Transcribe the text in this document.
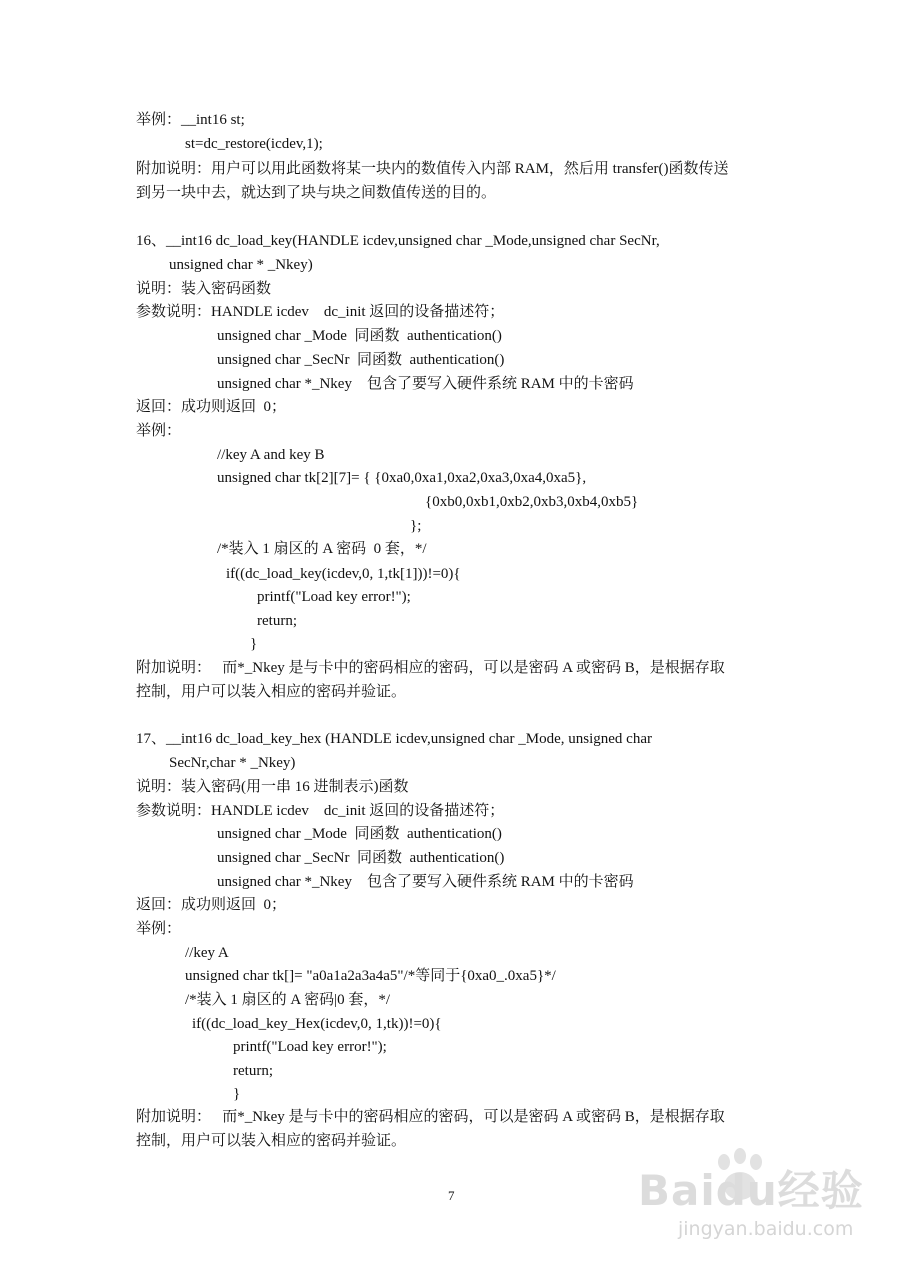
举例：__int16 st;
st=dc_restore(icdev,1);
附加说明：用户可以用此函数将某一块内的数值传入内部 RAM，然后用 transfer()函数传送
到另一块中去，就达到了块与块之间数值传送的目的。
16、__int16 dc_load_key(HANDLE icdev,unsigned char _Mode,unsigned char SecNr,
unsigned char * _Nkey)
说明：装入密码函数
参数说明：HANDLE icdev    dc_init 返回的设备描述符；
unsigned char _Mode  同函数  authentication()
unsigned char _SecNr  同函数  authentication()
unsigned char *_Nkey    包含了要写入硬件系统 RAM 中的卡密码
返回：成功则返回  0；
举例：
//key A and key B
unsigned char tk[2][7]= { {0xa0,0xa1,0xa2,0xa3,0xa4,0xa5},
{0xb0,0xb1,0xb2,0xb3,0xb4,0xb5}
};
/*装入 1 扇区的 A 密码  0 套，*/
if((dc_load_key(icdev,0, 1,tk[1]))!=0){
printf("Load key error!");
return;
}
附加说明：   而*_Nkey 是与卡中的密码相应的密码，可以是密码 A 或密码 B，是根据存取
控制，用户可以装入相应的密码并验证。
17、__int16 dc_load_key_hex (HANDLE icdev,unsigned char _Mode, unsigned char
SecNr,char * _Nkey)
说明：装入密码(用一串 16 进制表示)函数
参数说明：HANDLE icdev    dc_init 返回的设备描述符；
unsigned char _Mode  同函数  authentication()
unsigned char _SecNr  同函数  authentication()
unsigned char *_Nkey    包含了要写入硬件系统 RAM 中的卡密码
返回：成功则返回  0；
举例：
//key A
unsigned char tk[]= "a0a1a2a3a4a5"/*等同于{0xa0_.0xa5}*/
/*装入 1 扇区的 A 密码|0 套，*/
if((dc_load_key_Hex(icdev,0, 1,tk))!=0){
printf("Load key error!");
return;
}
附加说明：   而*_Nkey 是与卡中的密码相应的密码，可以是密码 A 或密码 B，是根据存取
控制，用户可以装入相应的密码并验证。
7	Baidu经验
jingyan.baidu.com
